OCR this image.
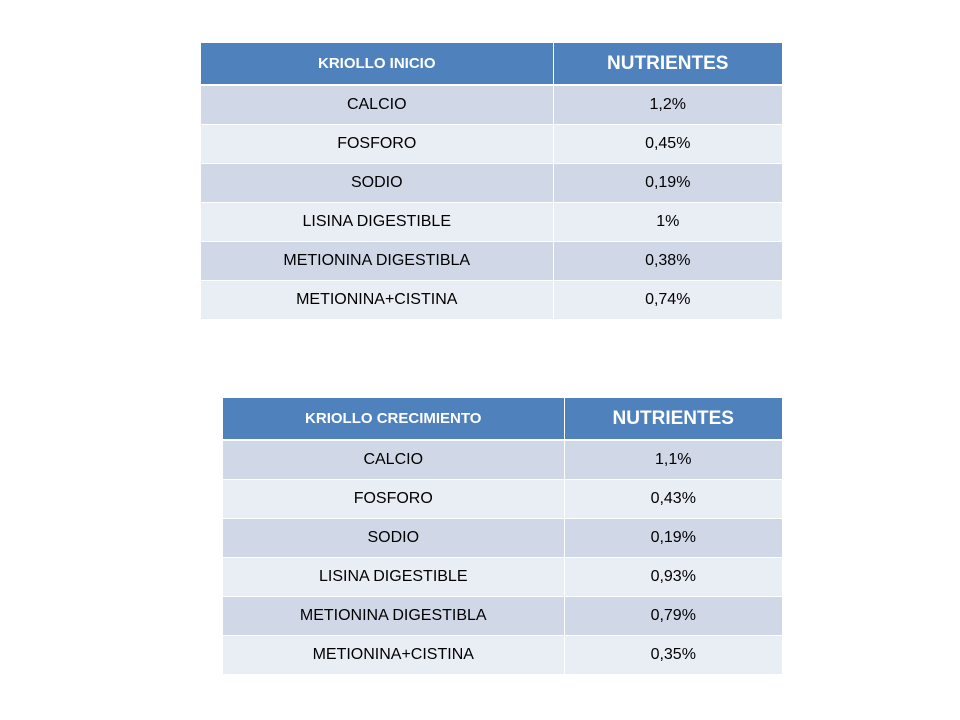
KRIOLLO INICIO	NUTRIENTES
CALCIO	1,2%
FOSFORO	0,45%
SODIO	0,19%
LISINA DIGESTIBLE	1%
METIONINA DIGESTIBLA	0,38%
METIONINA+CISTINA	0,74%
KRIOLLO CRECIMIENTO	NUTRIENTES
CALCIO	1,1%
FOSFORO	0,43%
SODIO	0,19%
LISINA DIGESTIBLE	0,93%
METIONINA DIGESTIBLA	0,79%
METIONINA+CISTINA	0,35%
